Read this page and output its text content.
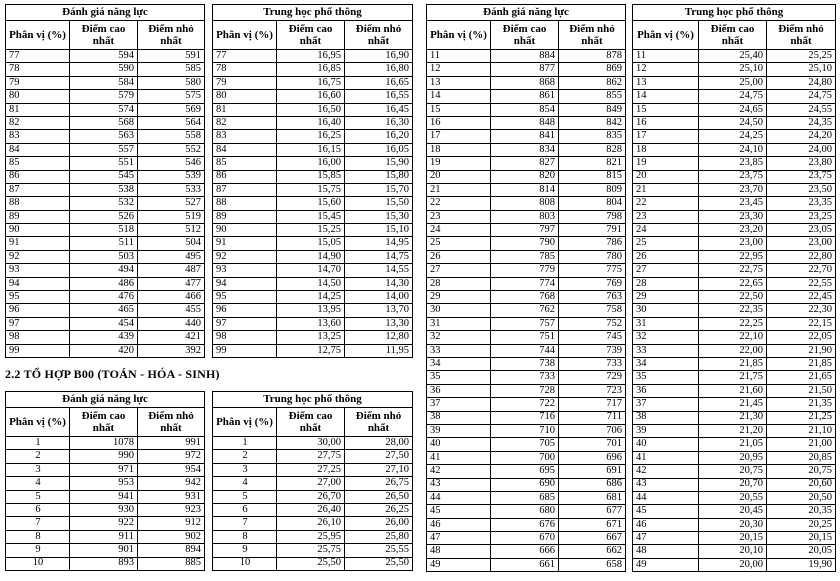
Đánh giá năng lực		
Phân vị (%)	Điểm cao nhất	Điểm nhỏ nhất
77	594	591
78	590	585
79	584	580
80	579	575
81	574	569
82	568	564
83	563	558
84	557	552
85	551	546
86	545	539
87	538	533
88	532	527
89	526	519
90	518	512
91	511	504
92	503	495
93	494	487
94	486	477
95	476	466
96	465	455
97	454	440
98	439	421
99	420	392
Trung học phổ thông		
Phân vị (%)	Điểm cao nhất	Điểm nhỏ nhất
77	16,95	16,90
78	16,85	16,80
79	16,75	16,65
80	16,60	16,55
81	16,50	16,45
82	16,40	16,30
83	16,25	16,20
84	16,15	16,05
85	16,00	15,90
86	15,85	15,80
87	15,75	15,70
88	15,60	15,50
89	15,45	15,30
90	15,25	15,10
91	15,05	14,95
92	14,90	14,75
93	14,70	14,55
94	14,50	14,30
95	14,25	14,00
96	13,95	13,70
97	13,60	13,30
98	13,25	12,80
99	12,75	11,95
2.2 TỔ HỢP B00 (TOÁN - HÓA - SINH)
Đánh giá năng lực		
Phân vị (%)	Điểm cao nhất	Điểm nhỏ nhất
1	1078	991
2	990	972
3	971	954
4	953	942
5	941	931
6	930	923
7	922	912
8	911	902
9	901	894
10	893	885
Trung học phổ thông		
Phân vị (%)	Điểm cao nhất	Điểm nhỏ nhất
1	30,00	28,00
2	27,75	27,50
3	27,25	27,10
4	27,00	26,75
5	26,70	26,50
6	26,40	26,25
7	26,10	26,00
8	25,95	25,80
9	25,75	25,55
10	25,50	25,50
Đánh giá năng lực		
Phân vị (%)	Điểm cao nhất	Điểm nhỏ nhất
11	884	878
12	877	869
13	868	862
14	861	855
15	854	849
16	848	842
17	841	835
18	834	828
19	827	821
20	820	815
21	814	809
22	808	804
23	803	798
24	797	791
25	790	786
26	785	780
27	779	775
28	774	769
29	768	763
30	762	758
31	757	752
32	751	745
33	744	739
34	738	733
35	733	729
36	728	723
37	722	717
38	716	711
39	710	706
40	705	701
41	700	696
42	695	691
43	690	686
44	685	681
45	680	677
46	676	671
47	670	667
48	666	662
49	661	658
Trung học phổ thông		
Phân vị (%)	Điểm cao nhất	Điểm nhỏ nhất
11	25,40	25,25
12	25,10	25,10
13	25,00	24,80
14	24,75	24,75
15	24,65	24,55
16	24,50	24,35
17	24,25	24,20
18	24,10	24,00
19	23,85	23,80
20	23,75	23,75
21	23,70	23,50
22	23,45	23,35
23	23,30	23,25
24	23,20	23,05
25	23,00	23,00
26	22,95	22,80
27	22,75	22,70
28	22,65	22,55
29	22,50	22,45
30	22,35	22,30
31	22,25	22,15
32	22,10	22,05
33	22,00	21,90
34	21,85	21,85
35	21,75	21,65
36	21,60	21,50
37	21,45	21,35
38	21,30	21,25
39	21,20	21,10
40	21,05	21,00
41	20,95	20,85
42	20,75	20,75
43	20,70	20,60
44	20,55	20,50
45	20,45	20,35
46	20,30	20,25
47	20,15	20,15
48	20,10	20,05
49	20,00	19,90
